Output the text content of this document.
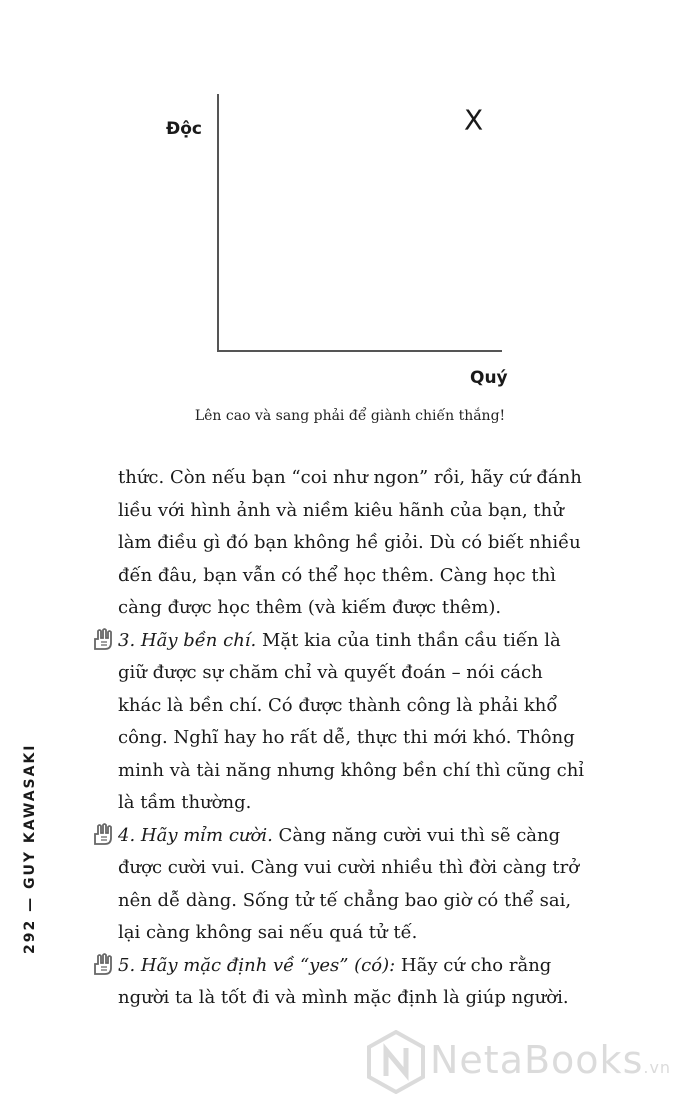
Độc
Quý
X
Lên cao và sang phải để giành chiến thắng!

thức. Còn nếu bạn “coi như ngon” rồi, hãy cứ đánh liều với hình ảnh và niềm kiêu hãnh của bạn, thử làm điều gì đó bạn không hề giỏi. Dù có biết nhiều đến đâu, bạn vẫn có thể học thêm. Càng học thì càng được học thêm (và kiếm được thêm).

3. Hãy bền chí. Mặt kia của tinh thần cầu tiến là giữ được sự chăm chỉ và quyết đoán – nói cách khác là bền chí. Có được thành công là phải khổ công. Nghĩ hay ho rất dễ, thực thi mới khó. Thông minh và tài năng nhưng không bền chí thì cũng chỉ là tầm thường.

4. Hãy mỉm cười. Càng năng cười vui thì sẽ càng được cười vui. Càng vui cười nhiều thì đời càng trở nên dễ dàng. Sống tử tế chẳng bao giờ có thể sai, lại càng không sai nếu quá tử tế.

5. Hãy mặc định về “yes” (có): Hãy cứ cho rằng người ta là tốt đi và mình mặc định là giúp người.

292 — GUY KAWASAKI
NetaBooks.vn
